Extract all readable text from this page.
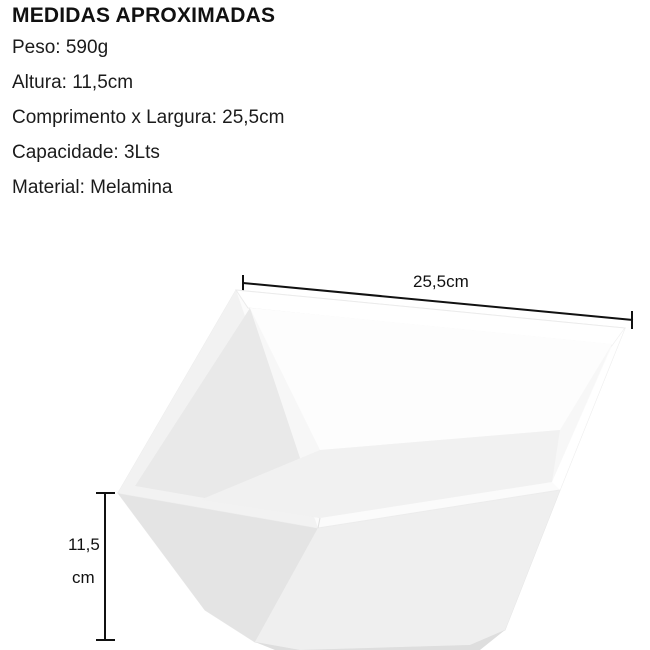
MEDIDAS APROXIMADAS

Peso: 590g

Altura: 11,5cm

Comprimento x Largura: 25,5cm

Capacidade: 3Lts

Material: Melamina

25,5cm
11,5
cm
